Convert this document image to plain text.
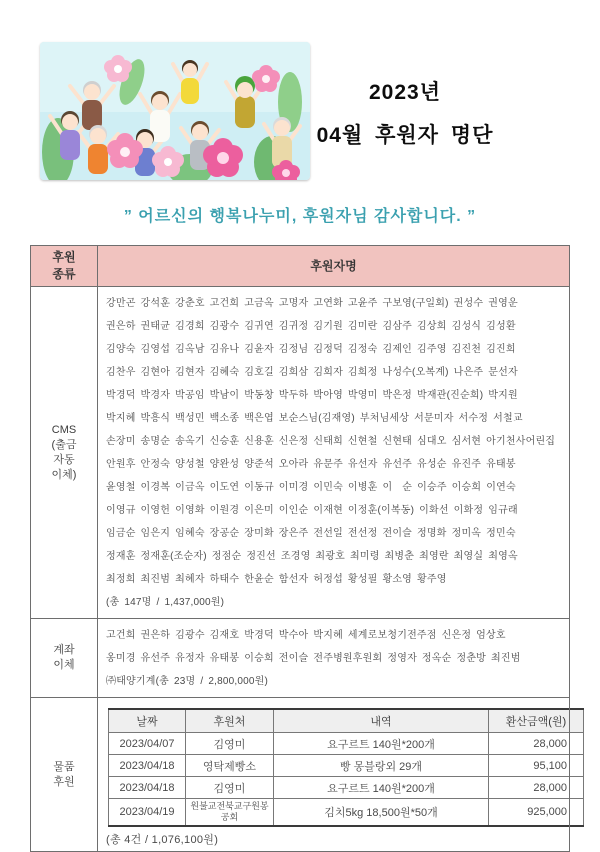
2023년
04월 후원자 명단
” 어르신의 행복나누미, 후원자님 감사합니다. ”
후원
종류
	후원자명

CMS
(출금
자동
이체)

강만곤 강석훈 강춘호 고건희 고금옥 고명자 고연화 고윤주 구보영(구일회) 권성수 권영운
권은하 권태균 김경희 김광수 김귀연 김귀정 김기원 김미란 김삼주 김상희 김성식 김성환
김양숙 김영섭 김옥남 김유나 김윤자 김정님 김정덕 김정숙 김제인 김주영 김진천 김진희
김찬우 김현아 김현자 김혜숙 김호길 김희삼 김희자 김희정 나성수(오복계) 나은주 문선자
박경덕 박경자 박공임 박남이 박동창 박두하 박아영 박영미 박은정 박재관(진순희) 박지원
박지혜 박흥식 백성민 백소종 백은엽 보순스님(김재영) 부처님세상 서문미자 서수정 서철교
손장미 송명순 송옥기 신승훈 신용훈 신은정 신태희 신현철 신현태 심대오 심서현 아기천사어린집
안원후 안정숙 양성철 양완성 양준석 오아라 유문주 유선자 유선주 유성순 유진주 유태봉
윤영철 이경복 이금옥 이도연 이동규 이미경 이민숙 이병훈 이  순 이승주 이승희 이연숙
이영규 이영헌 이영화 이원경 이은미 이인순 이재현 이정훈(이복동) 이화선 이화정 임규래
임금순 임은지 임혜숙 장공순 장미화 장은주 전선일 전선정 전이슬 정명화 정미옥 정민숙
정재훈 정재훈(조순자) 정점순 정진선 조경영 최광호 최미령 최병춘 최영란 최영실 최영옥
최정희 최진범 최혜자 하태수 한윤순 함선자 허정섭 황성필 황소영 황주영
(총 147명 / 1,437,000원)

계좌
이체

고건희 권은하 김광수 김재호 박경덕 박수아 박지혜 세계로보청기전주점 신은정 엄상호
옹미경 유선주 유정자 유태봉 이승희 전이슬 전주병원후원회 정영자 정옥순 정춘방 최진범
㈜태양기계(총 23명 / 2,800,000원)

물품
후원

날짜	후원처	내역	환산금액(원)
2023/04/07	김영미	요구르트 140원*200개	28,000
2023/04/18	영탁제빵소	빵 몽블랑외 29개	95,100
2023/04/18	김영미	요구르트 140원*200개	28,000
2023/04/19	원불교전북교구원봉공회	김치5kg 18,500원*50개	925,000
(총 4건 / 1,076,100원)
